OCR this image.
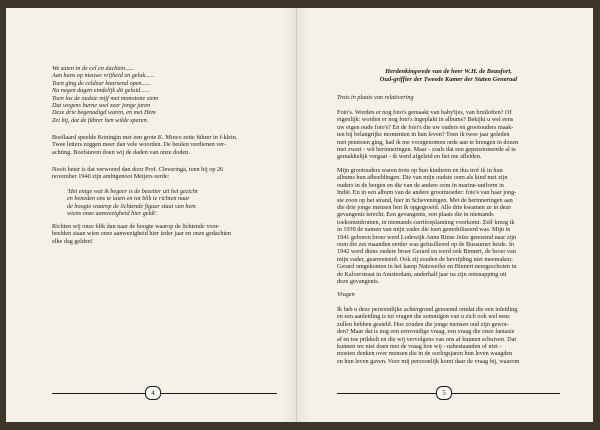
We zaten in de cel en dachten......
Aan hans op nieuwe vrijheid en geluk......
Toen ging de celdeur knarsend open......
Na negen dagen eindelijk dit geluid......
Toen las de oudste mijf met monotone stem
Dat wegens burne soel zeer jonge jaren
Deze drie begenadigd waren, en met Hem
Zei hij, dat de führer hen wilde sparen.
Boellaard speelde Koningin met een grote K. Minco zette führer in f-klein.
Twee letters zeggen meer dan vele woorden. De beulen verdienen ver-
achting. Boefstaven doen wij de daden van onze doden.
Nooit heter is dat verwoord dan door Prof. Cleveringa, toen hij op 26
november 1940 zijn ambtgenoot Meijers eerde:
'Het enige wat ik begeer is de bezetter uit het gezicht
en beneden ons te laten en tot blik te richten naar
de hoogte waarop de lichtende figuur staat van hem
wiens onze aanwezigheid hier geldt'.
Richten wij onze blik dan naar de hoogte waarop de lichtende voor-
beelden staan wien onze aanwezigheid hier ieder jaar en onze gedachten
elke dag gelden!
4
Herdenkingsrede van de heer W.H. de Beaufort,
Oud-griffier der Tweede Kamer der Staten Generaal
Trots in plaats van relativering
Foto's. Worden er nog foto's gemaakt van baby'tjes, van bruiloften? Of
eigenlijk: worden er nog foto's ingeplakt in albums? Bekijkt u wel eens
uw eigen oude foto's? En de foto's die uw ouders en grootouders maak-
ten bij belangrijke momenten in hun leven? Toen ik twee jaar geleden
met pensioen ging, had ik me voorgenomen orde aan te brengen in dozen
met zwart - wit herinneringen. Maar - zoals dat een gepensioneerde al te
gemakkelijk vergaat - ik werd afgeleid en liet me afleiden.
Mijn grootouders waren trots op hun kinderen en dus trof ik in hun
albums hun afbeeldingen. Die van mijn oudste oom als kind met zijn
ouders in de bergen en die van de andere oom in marine-uniform in
Indië. En in een album van de andere grootmoeder: foto's van haar jong-
ste zoon op het strand, hier in Scheveningen. Met de herinneringen aan
die drie jonge mensen ben ik opgegroeid. Alle drie kwamen ze in deze
gevangenis terecht. Een gevangenis, een plaats die in niemands
toekomstdromen, in niemands carrièreplanning voorkomt. Zelf kreeg ik
in 1939 de namen van mijn vader die toen gemobiliseerd was. Mijn in
1941 geboren broer werd Lodewijk Anne Rinse Jetze genoemd naar zijn
oom die zes maanden eerder was gefusilleerd op de Bussumer heide. In
1942 werd diens oudere broer Gerard en werd ook Binnert, de broer van
mijn vader, gearresteerd. Ook zij zouden de bevrijding niet meemaken:
Gerard omgekomen in het kamp Natzweiler en Binnert neergeschoten in
de Kalverstraat in Amsterdam, anderhalf jaar na zijn ontsnapping uit
deze gevangenis.
Vragen
Ik heb u deze persoonlijke achtergrond genoemd omdat die een inleiding
en een aanleiding is tot vragen die sommigen van u zich ook wel eens
zullen hebben gesteld. Hoe zouden die jonge mensen oud zijn gewor-
den? Maar dat is nog een eenvoudige vraag, een vraag die onze fantasie
af en toe prikkelt en die wij vervolgens van ons af kunnen schuiven. Dat
kunnen we niet doen met de vraag hoe wij - nabestaanden of niet -
moeten denken over mensen die in de oorlogsjaren hun leven waagden
en hun leven gaven. Voor mij persoonlijk komt daar de vraag bij, waarom
5
